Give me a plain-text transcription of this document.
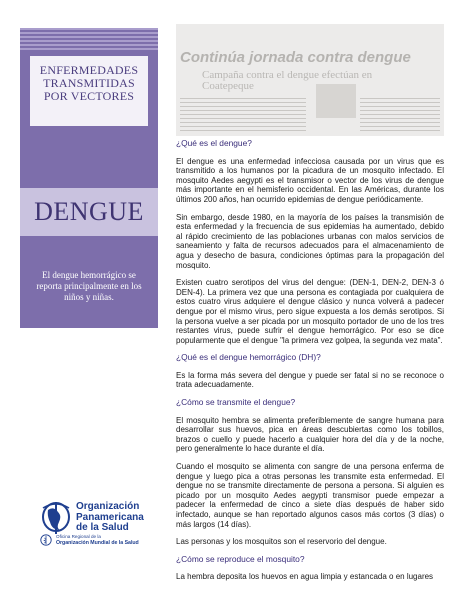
ENFERMEDADES TRANSMITIDAS POR VECTORES

DENGUE
El dengue hemorrágico se reporta principalmente en los niños y niñas.
Continúa jornada contra dengue
Campaña contra el dengue efectúan en Coatepeque
¿Qué es el dengue?

El dengue es una enfermedad infecciosa causada por un virus que es transmitido a los humanos por la picadura de un mosquito infectado. El mosquito Aedes aegypti es el transmisor o vector de los virus de dengue más importante en el hemisferio occidental. En las Américas, durante los últimos 200 años, han ocurrido epidemias de dengue periódicamente.

Sin embargo, desde 1980, en la mayoría de los países la transmisión de esta enfermedad y la frecuencia de sus epidemias ha aumentado, debido al rápido crecimiento de las poblaciones urbanas con malos servicios de saneamiento y falta de recursos adecuados para el almacenamiento de agua y desecho de basura, condiciones óptimas para la propagación del mosquito.

Existen cuatro serotipos del virus del dengue: (DEN-1, DEN-2, DEN-3 ó DEN-4). La primera vez que una persona es contagiada por cualquiera de estos cuatro virus adquiere el dengue clásico y nunca volverá a padecer dengue por el mismo virus, pero sigue expuesta a los demás serotipos. Si la persona vuelve a ser picada por un mosquito portador de uno de los tres restantes virus, puede sufrir el dengue hemorrágico. Por eso se dice popularmente que el dengue "la primera vez golpea, la segunda vez mata".

¿Qué es el dengue hemorrágico (DH)?

Es la forma más severa del dengue y puede ser fatal si no se reconoce o trata adecuadamente.

¿Cómo se transmite el dengue?

El mosquito hembra se alimenta preferiblemente de sangre humana para desarrollar sus huevos, pica en áreas descubiertas como los tobillos, brazos o cuello y puede hacerlo a cualquier hora del día y de la noche, pero generalmente lo hace durante el día.

Cuando el mosquito se alimenta con sangre de una persona enferma de dengue y luego pica a otras personas les transmite esta enfermedad. El dengue no se transmite directamente de persona a persona. Si alguien es picado por un mosquito Aedes aegypti transmisor puede empezar a padecer la enfermedad de cinco a siete días después de haber sido infectado, aunque se han reportado algunos casos más cortos (3 días) o más largos (14 días).

Las personas y los mosquitos son el reservorio del dengue.

¿Cómo se reproduce el mosquito?

La hembra deposita los huevos en agua limpia y estancada o en lugares

Organización
Panamericana
de la Salud
Oficina Regional de la
Organización Mundial de la Salud
